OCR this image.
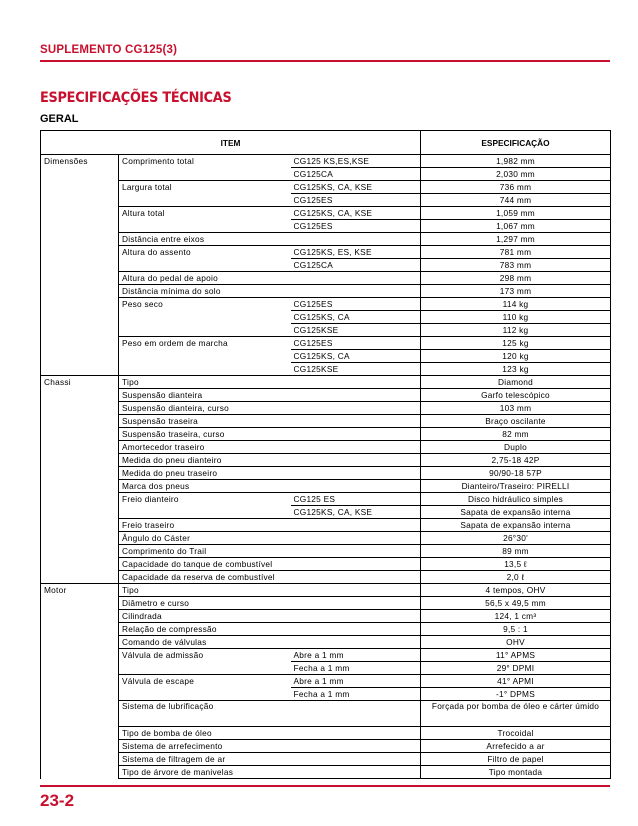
SUPLEMENTO CG125(3)
ESPECIFICAÇÕES TÉCNICAS
GERAL
ITEM			ESPECIFICAÇÃO
Dimensões	Comprimento total	CG125 KS,ES,KSE	1,982 mm
		CG125CA	2,030 mm
	Largura total	CG125KS, CA, KSE	736 mm
		CG125ES	744 mm
	Altura total	CG125KS, CA, KSE	1,059 mm
		CG125ES	1,067 mm
	Distância entre eixos		1,297 mm
	Altura do assento	CG125KS, ES, KSE	781 mm
		CG125CA	783 mm
	Altura do pedal de apoio		298 mm
	Distância mínima do solo		173 mm
	Peso seco	CG125ES	114 kg
		CG125KS, CA	110 kg
		CG125KSE	112 kg
	Peso em ordem de marcha	CG125ES	125 kg
		CG125KS, CA	120 kg
		CG125KSE	123 kg
Chassi	Tipo		Diamond
	Suspensão dianteira		Garfo telescópico
	Suspensão dianteira, curso		103 mm
	Suspensão traseira		Braço oscilante
	Suspensão traseira, curso		82 mm
	Amortecedor traseiro		Duplo
	Medida do pneu dianteiro		2,75-18 42P
	Medida do pneu traseiro		90/90-18 57P
	Marca dos pneus		Dianteiro/Traseiro: PIRELLI
	Freio dianteiro	CG125 ES	Disco hidráulico simples
		CG125KS, CA, KSE	Sapata de expansão interna
	Freio traseiro		Sapata de expansão interna
	Ângulo do Cáster		26°30'
	Comprimento do Trail		89 mm
	Capacidade do tanque de combustível		13,5 ℓ
	Capacidade da reserva de combustível		2,0 ℓ
Motor	Tipo		4 tempos, OHV
	Diâmetro e curso		56,5 x 49,5 mm
	Cilindrada		124, 1 cm³
	Relação de compressão		9,5 : 1
	Comando de válvulas		OHV
	Válvula de admissão	Abre a 1 mm	11° APMS
		Fecha a 1 mm	29° DPMI
	Válvula de escape	Abre a 1 mm	41° APMI
		Fecha a 1 mm	-1° DPMS
	Sistema de lubrificação		Forçada por bomba de óleo e cárter úmido
	Tipo de bomba de óleo		Trocoidal
	Sistema de arrefecimento		Arrefecido a ar
	Sistema de filtragem de ar		Filtro de papel
	Tipo de árvore de manivelas		Tipo montada
23-2
